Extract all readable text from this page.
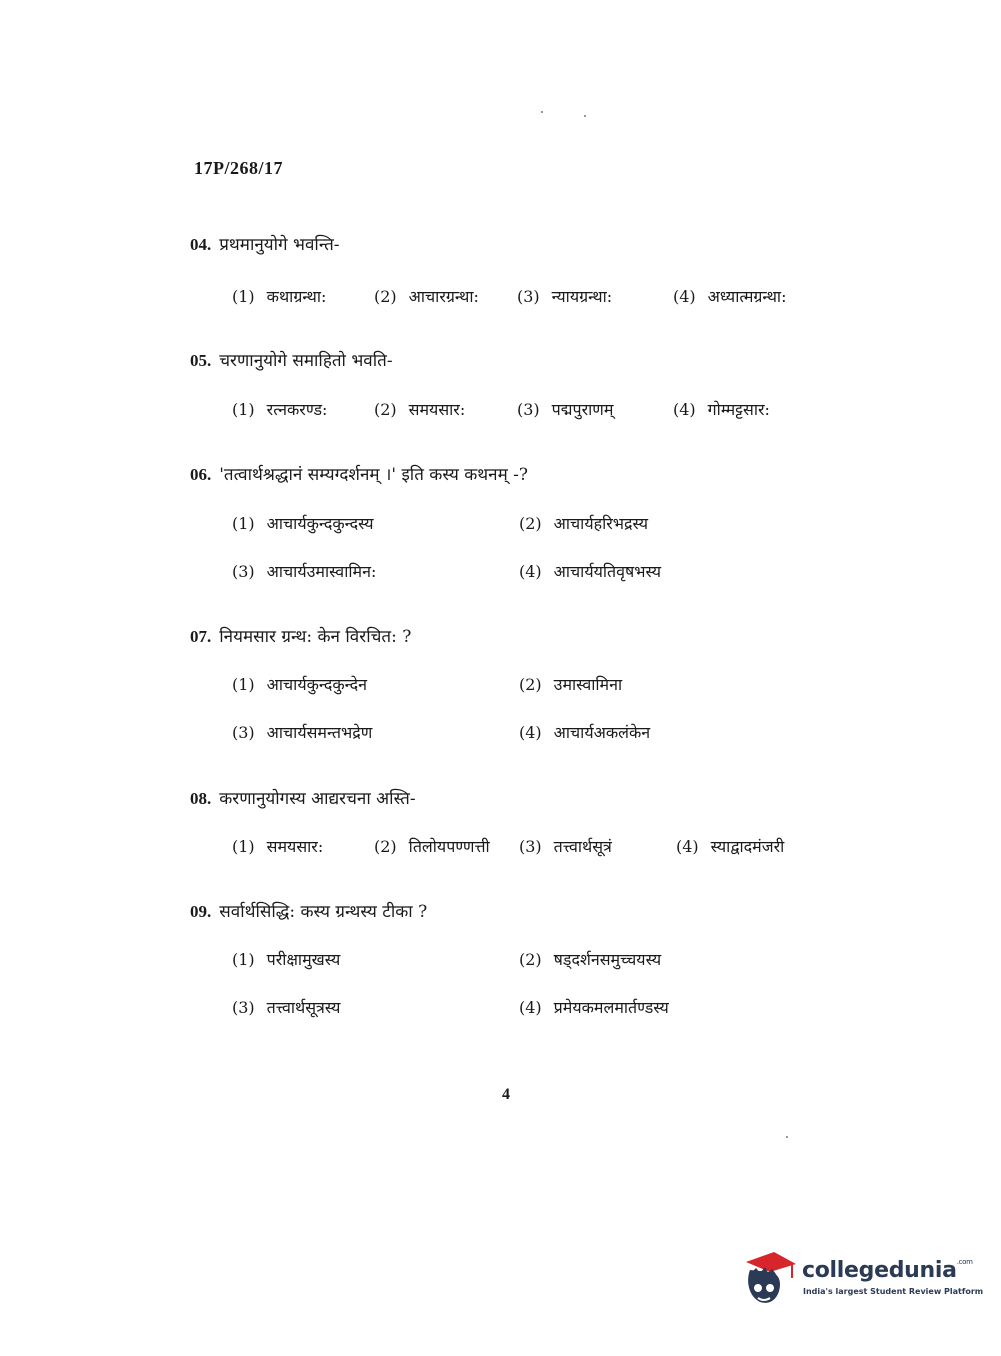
17P/268/17
04. प्रथमानुयोगे भवन्ति-
(1) कथाग्रन्था:	(2) आचारग्रन्था: (3) न्यायग्रन्था:	(4) अध्यात्मग्रन्था:
05. चरणानुयोगे समाहितो भवति-
(1) रत्नकरण्ड:	(2) समयसार:	(3) पद्मपुराणम्	(4) गोम्मट्टसार:
06. 'तत्वार्थश्रद्धानं सम्यग्दर्शनम् ।' इति कस्य कथनम् -?
(1) आचार्यकुन्दकुन्दस्य	(2) आचार्यहरिभद्रस्य
(3) आचार्यउमास्वामिन:	(4) आचार्ययतिवृषभस्य
07. नियमसार ग्रन्थ: केन विरचित: ?
(1) आचार्यकुन्दकुन्देन	(2) उमास्वामिना
(3) आचार्यसमन्तभद्रेण	(4) आचार्यअकलंकेन
08. करणानुयोगस्य आद्यरचना अस्ति-
(1) समयसार:	(2) तिलोयपण्णत्ती (3) तत्त्वार्थसूत्रं	(4) स्याद्वादमंजरी
09. सर्वार्थसिद्धि: कस्य ग्रन्थस्य टीका ?
(1) परीक्षामुखस्य	(2) षड्दर्शनसमुच्चयस्य
(3) तत्त्वार्थसूत्रस्य	(4) प्रमेयकमलमार्तण्डस्य
4
collegedunia$^{.com}$
India's largest Student Review Platform
